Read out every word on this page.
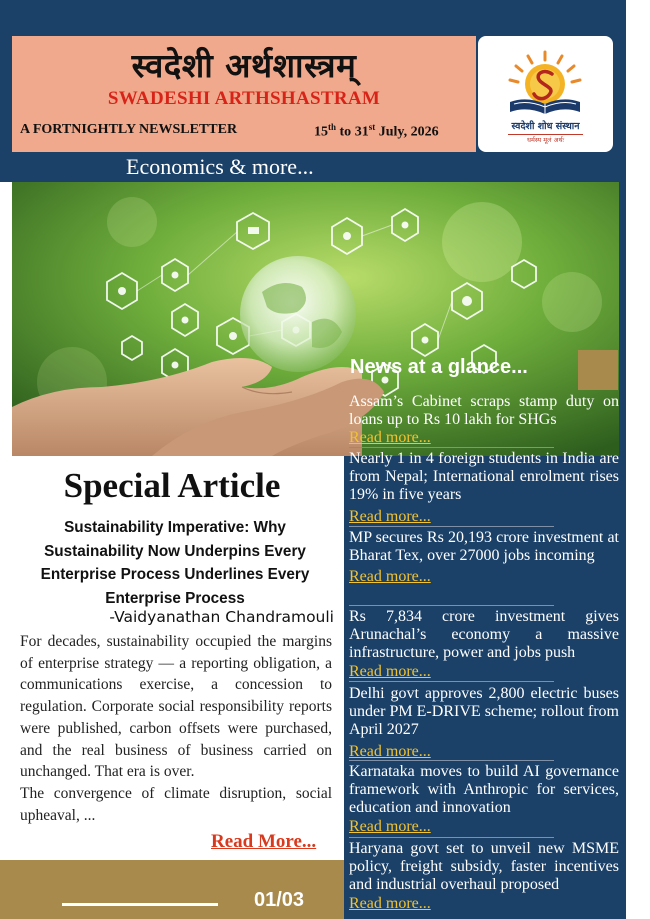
स्वदेशी अर्थशास्त्रम्
SWADESHI ARTHSHASTRAM
A FORTNIGHTLY NEWSLETTER	15th to 31st July, 2026	स्वदेशी शोध संस्थान
धर्मस्य मूलं अर्थः
Economics & more...
Special Article
Sustainability Imperative: Why Sustainability Now Underpins Every Enterprise Process Underlines Every Enterprise Process
-Vaidyanathan Chandramouli

For decades, sustainability occupied the margins of enterprise strategy — a reporting obligation, a communications exercise, a concession to regulation. Corporate social responsibility reports were published, carbon offsets were purchased, and the real business of business carried on unchanged. That era is over.

The convergence of climate disruption, social upheaval, ...

Read More...
01/03
News at a glance...
Assam’s Cabinet scraps stamp duty on loans up to Rs 10 lakh for SHGs
Read more...
Nearly 1 in 4 foreign students in India are from Nepal; International enrolment rises 19% in five years
Read more...
MP secures Rs 20,193 crore investment at Bharat Tex, over 27000 jobs incoming
Read more...
Rs 7,834 crore investment gives Arunachal’s economy a massive infrastructure, power and jobs push
Read more...
Delhi govt approves 2,800 electric buses under PM E-DRIVE scheme; rollout from April 2027
Read more...
Karnataka moves to build AI governance framework with Anthropic for services, education and innovation
Read more...
Haryana govt set to unveil new MSME policy, freight subsidy, faster incentives and industrial overhaul proposed
Read more...
